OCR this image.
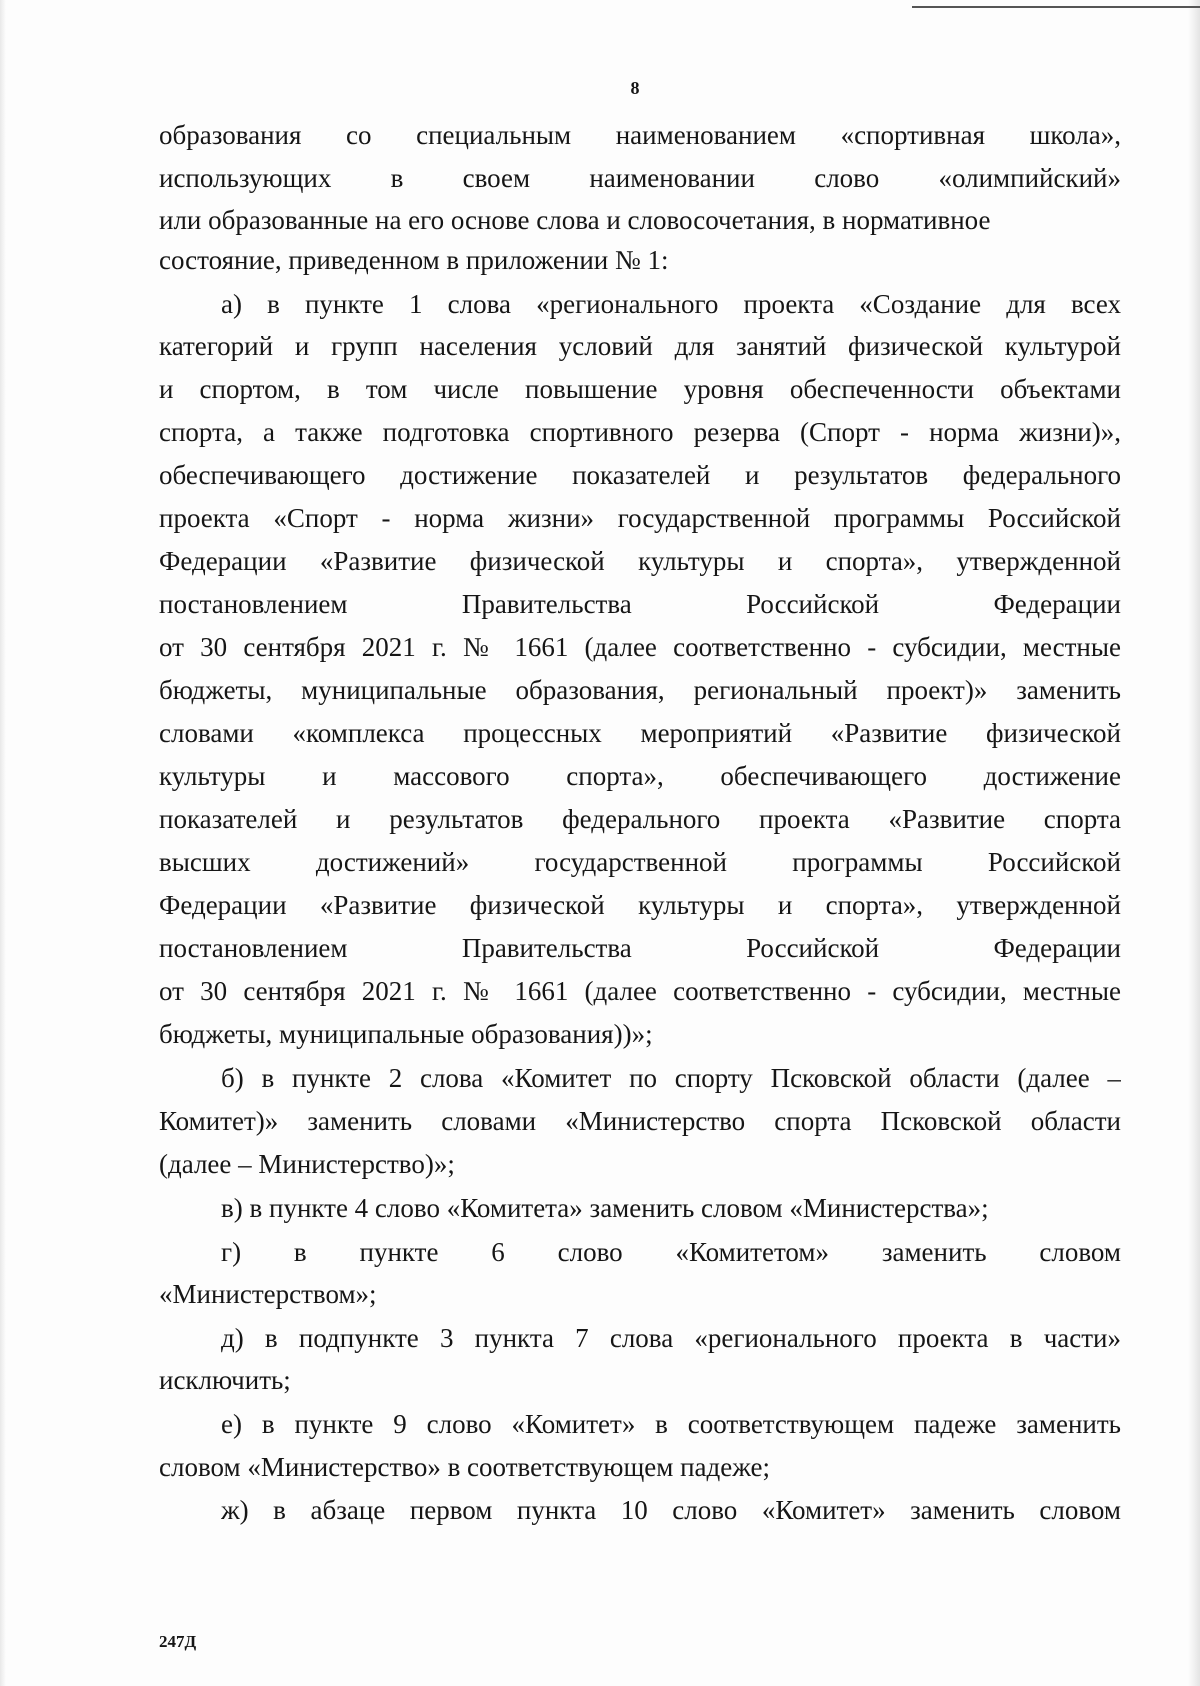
8
образования со специальным наименованием «спортивная школа»,
использующих в своем наименовании слово «олимпийский»
или образованные на его основе слова и словосочетания, в нормативное
состояние, приведенном в приложении № 1:
а) в пункте 1 слова «регионального проекта «Создание для всех
категорий и групп населения условий для занятий физической культурой
и спортом, в том числе повышение уровня обеспеченности объектами
спорта, а также подготовка спортивного резерва (Спорт - норма жизни)»,
обеспечивающего достижение показателей и результатов федерального
проекта «Спорт - норма жизни» государственной программы Российской
Федерации «Развитие физической культуры и спорта», утвержденной
постановлением Правительства Российской Федерации
от 30 сентября 2021 г. № 1661 (далее соответственно - субсидии, местные
бюджеты, муниципальные образования, региональный проект)» заменить
словами «комплекса процессных мероприятий «Развитие физической
культуры и массового спорта», обеспечивающего достижение
показателей и результатов федерального проекта «Развитие спорта
высших достижений» государственной программы Российской
Федерации «Развитие физической культуры и спорта», утвержденной
постановлением Правительства Российской Федерации
от 30 сентября 2021 г. № 1661 (далее соответственно - субсидии, местные
бюджеты, муниципальные образования))»;
б) в пункте 2 слова «Комитет по спорту Псковской области (далее –
Комитет)» заменить словами «Министерство спорта Псковской области
(далее – Министерство)»;
в) в пункте 4 слово «Комитета» заменить словом «Министерства»;
г) в пункте 6 слово «Комитетом» заменить словом
«Министерством»;
д) в подпункте 3 пункта 7 слова «регионального проекта в части»
исключить;
е) в пункте 9 слово «Комитет» в соответствующем падеже заменить
словом «Министерство» в соответствующем падеже;
ж) в абзаце первом пункта 10 слово «Комитет» заменить словом
247Д
